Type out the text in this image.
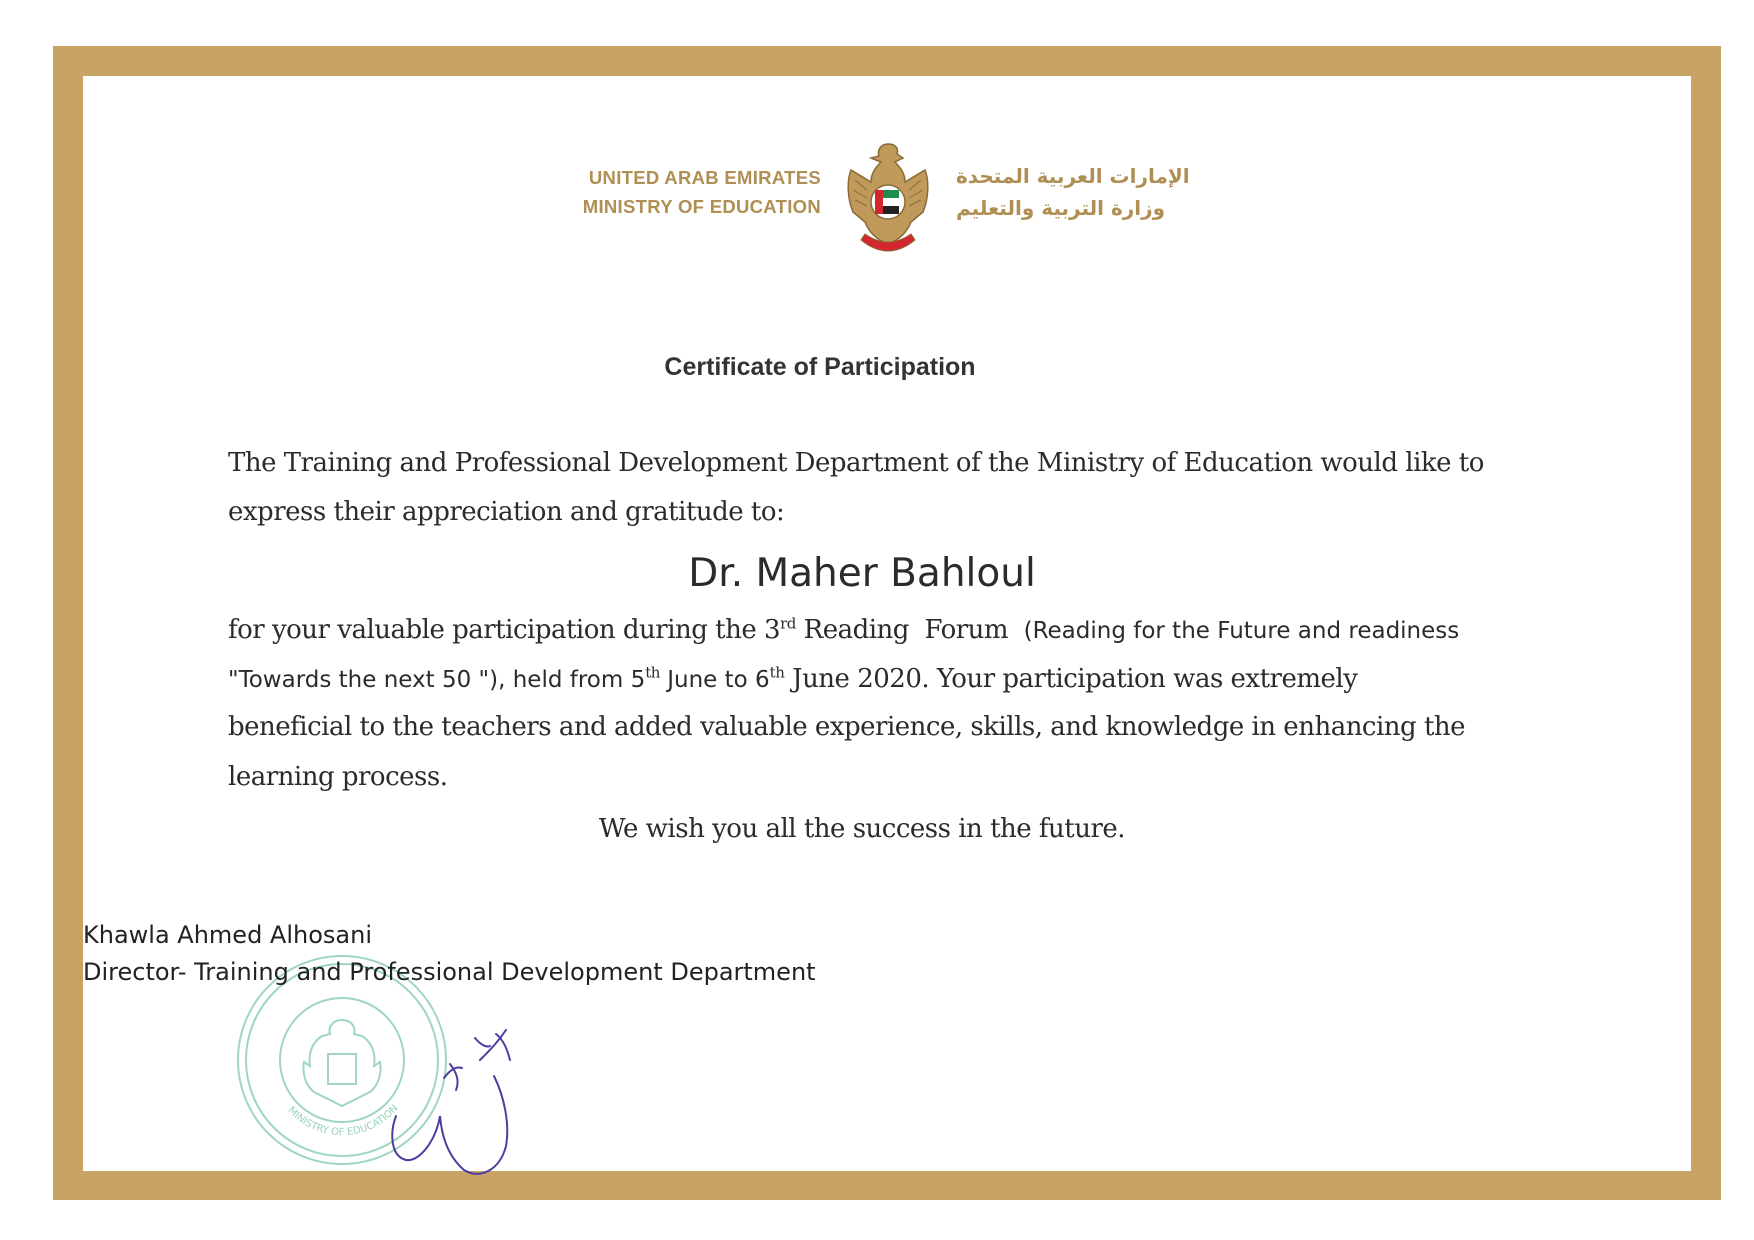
UNITED ARAB EMIRATES
MINISTRY OF EDUCATION
الإمارات العربية المتحدة
وزارة التربية والتعليم
Certificate of Participation
The Training and Professional Development Department of the Ministry of Education would like to
express their appreciation and gratitude to:
Dr. Maher Bahloul
for your valuable participation during the 3rd Reading  Forum  (Reading for the Future and readiness
"Towards the next 50 "), held from 5th June to 6th June 2020. Your participation was extremely
beneficial to the teachers and added valuable experience, skills, and knowledge in enhancing the
learning process.
We wish you all the success in the future.
MINISTRY OF EDUCATION
Khawla Ahmed Alhosani
Director- Training and Professional Development Department
